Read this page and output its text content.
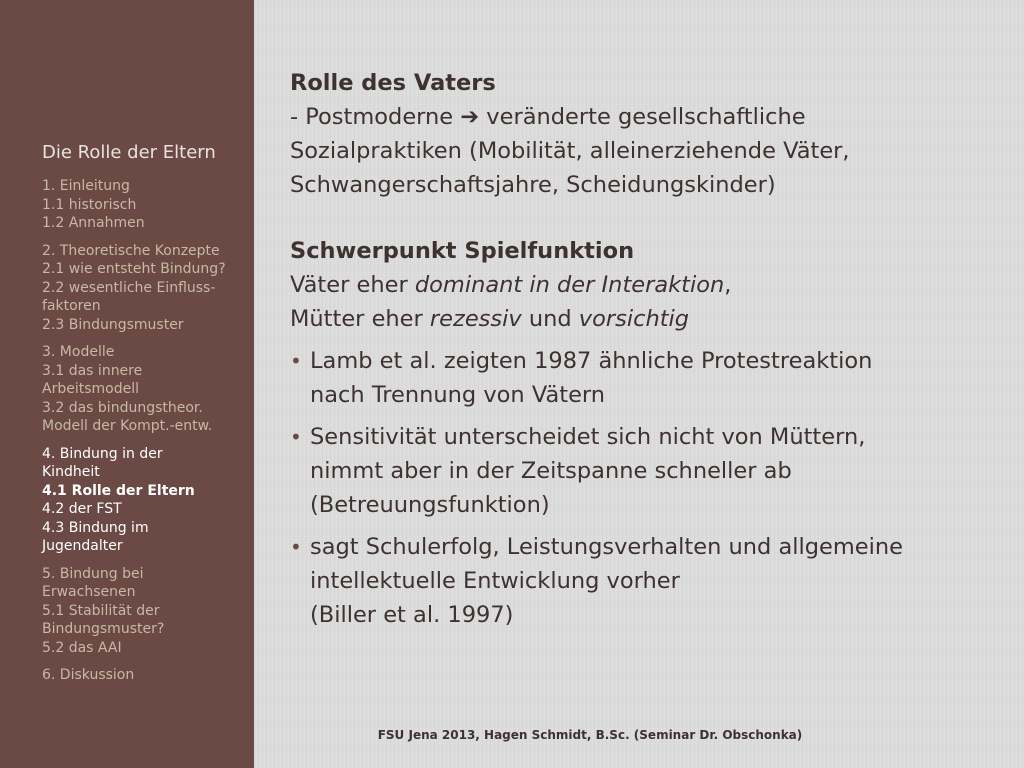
Die Rolle der Eltern
1. Einleitung
1.1 historisch
1.2 Annahmen
2. Theoretische Konzepte
2.1 wie entsteht Bindung?
2.2 wesentliche Einfluss-
faktoren
2.3 Bindungsmuster
3. Modelle
3.1 das innere
Arbeitsmodell
3.2 das bindungstheor.
Modell der Kompt.-entw.
4. Bindung in der
Kindheit
4.1 Rolle der Eltern
4.2 der FST
4.3 Bindung im
Jugendalter
5. Bindung bei
Erwachsenen
5.1 Stabilität der
Bindungsmuster?
5.2 das AAI
6. Diskussion
Rolle des Vaters
- Postmoderne ➔ veränderte gesellschaftliche
Sozialpraktiken (Mobilität, alleinerziehende Väter,
Schwangerschaftsjahre, Scheidungskinder)
Schwerpunkt Spielfunktion
Väter eher dominant in der Interaktion,
Mütter eher rezessiv und vorsichtig
• Lamb et al. zeigten 1987 ähnliche Protestreaktion
nach Trennung von Vätern
• Sensitivität unterscheidet sich nicht von Müttern,
nimmt aber in der Zeitspanne schneller ab
(Betreuungsfunktion)
• sagt Schulerfolg, Leistungsverhalten und allgemeine
intellektuelle Entwicklung vorher
(Biller et al. 1997)
FSU Jena 2013, Hagen Schmidt, B.Sc. (Seminar Dr. Obschonka)
